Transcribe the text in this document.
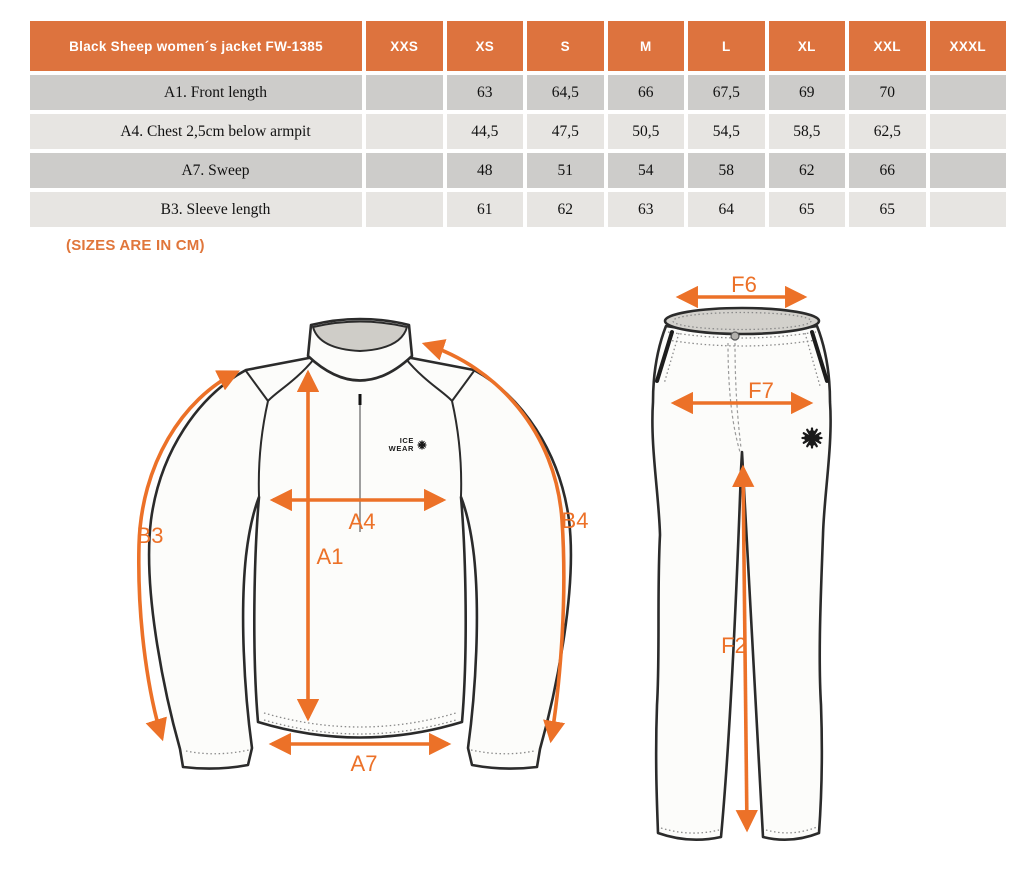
Black Sheep women´s jacket FW-1385	XXS	XS	S	M	L	XL	XXL	XXXL
A1. Front length		63	64,5	66	67,5	69	70	
A4. Chest 2,5cm below armpit		44,5	47,5	50,5	54,5	58,5	62,5	
A7. Sweep		48	51	54	58	62	66	
B3. Sleeve length		61	62	63	64	65	65	
(SIZES ARE IN CM)
ICE
WEAR
B3
A4
A1
B4
A7
F6
F7
F2
